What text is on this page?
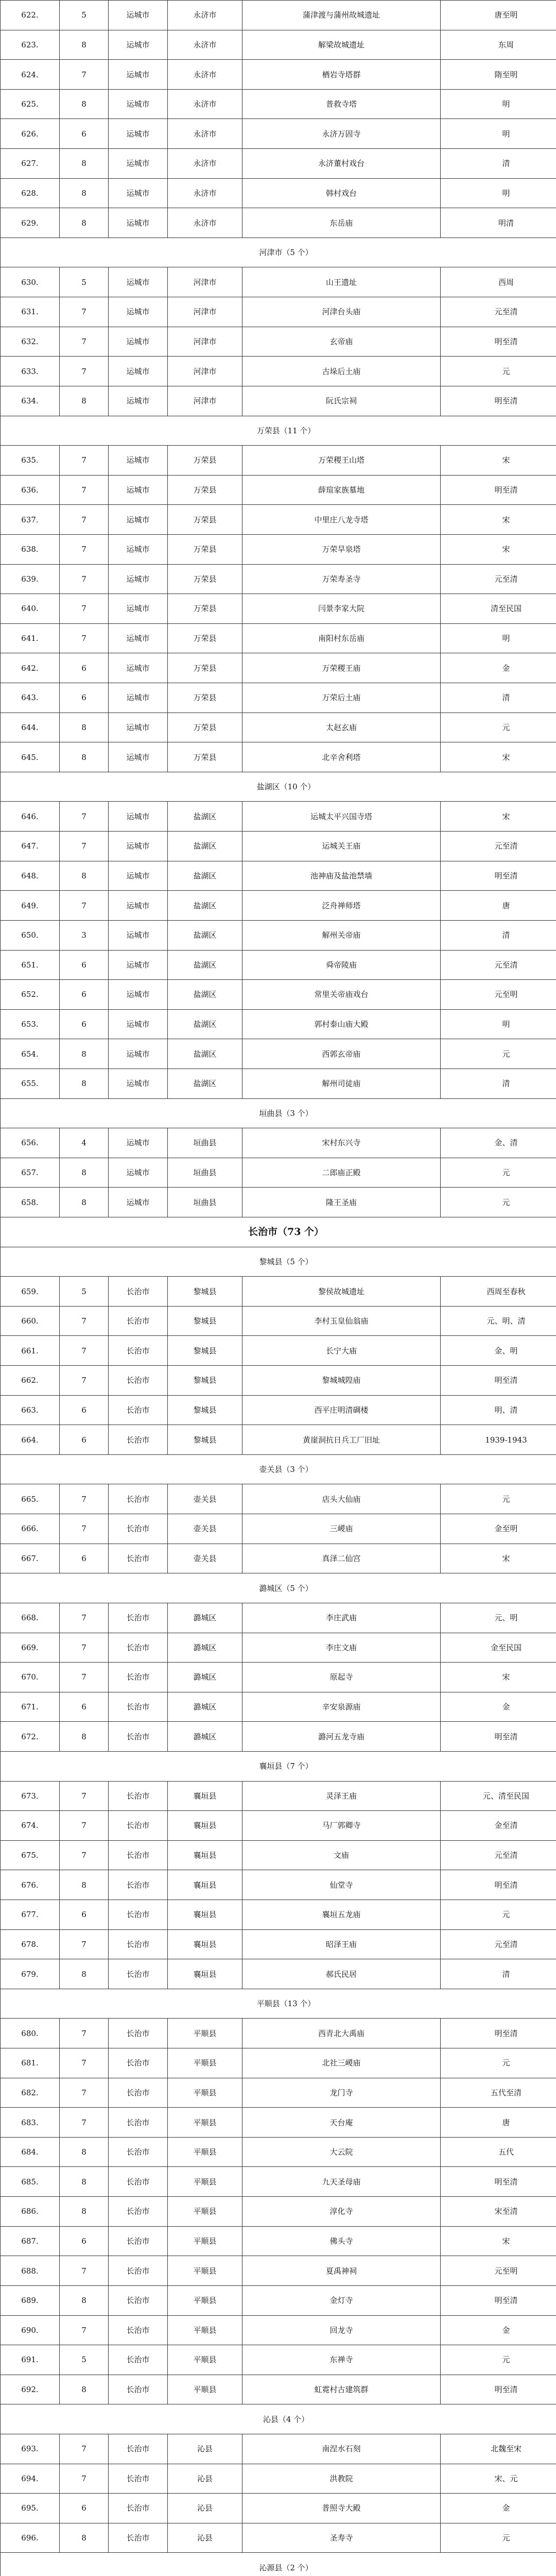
622.	5	运城市	永济市	蒲津渡与蒲州故城遗址	唐至明
623.	8	运城市	永济市	解梁故城遗址	东周
624.	7	运城市	永济市	栖岩寺塔群	隋至明
625.	8	运城市	永济市	普救寺塔	明
626.	6	运城市	永济市	永济万固寺	明
627.	8	运城市	永济市	永济董村戏台	清
628.	8	运城市	永济市	韩村戏台	明
629.	8	运城市	永济市	东岳庙	明清
河津市（5 个）					
630.	5	运城市	河津市	山王遗址	西周
631.	7	运城市	河津市	河津台头庙	元至清
632.	7	运城市	河津市	玄帝庙	明至清
633.	7	运城市	河津市	古垛后土庙	元
634.	8	运城市	河津市	阮氏宗祠	明至清
万荣县（11 个）					
635.	7	运城市	万荣县	万荣稷王山塔	宋
636.	7	运城市	万荣县	薛瑄家族墓地	明至清
637.	7	运城市	万荣县	中里庄八龙寺塔	宋
638.	7	运城市	万荣县	万荣旱泉塔	宋
639.	7	运城市	万荣县	万荣寿圣寺	元至清
640.	7	运城市	万荣县	闫景李家大院	清至民国
641.	7	运城市	万荣县	南阳村东岳庙	明
642.	6	运城市	万荣县	万荣稷王庙	金
643.	6	运城市	万荣县	万荣后土庙	清
644.	8	运城市	万荣县	太赵玄庙	元
645.	8	运城市	万荣县	北辛舍利塔	宋
盐湖区（10 个）					
646.	7	运城市	盐湖区	运城太平兴国寺塔	宋
647.	7	运城市	盐湖区	运城关王庙	元至清
648.	8	运城市	盐湖区	池神庙及盐池禁墙	明至清
649.	7	运城市	盐湖区	泛舟禅师塔	唐
650.	3	运城市	盐湖区	解州关帝庙	清
651.	6	运城市	盐湖区	舜帝陵庙	元至清
652.	6	运城市	盐湖区	常里关帝庙戏台	元至明
653.	6	运城市	盐湖区	郭村泰山庙大殿	明
654.	8	运城市	盐湖区	西郭玄帝庙	元
655.	8	运城市	盐湖区	解州司徒庙	清
垣曲县（3 个）					
656.	4	运城市	垣曲县	宋村东兴寺	金、清
657.	8	运城市	垣曲县	二郎庙正殿	元
658.	8	运城市	垣曲县	隆王圣庙	元
长治市（73 个）					
黎城县（5 个）					
659.	5	长治市	黎城县	黎侯故城遗址	西周至春秋
660.	7	长治市	黎城县	李村玉皇仙翁庙	元、明、清
661.	7	长治市	黎城县	长宁大庙	金、明
662.	7	长治市	黎城县	黎城城隍庙	明至清
663.	6	长治市	黎城县	西平庄明清碉楼	明、清
664.	6	长治市	黎城县	黄崖洞抗日兵工厂旧址	1939-1943
壶关县（3 个）					
665.	7	长治市	壶关县	店头大仙庙	元
666.	7	长治市	壶关县	三嵕庙	金至明
667.	6	长治市	壶关县	真泽二仙宫	宋
潞城区（5 个）					
668.	7	长治市	潞城区	李庄武庙	元、明
669.	7	长治市	潞城区	李庄文庙	金至民国
670.	7	长治市	潞城区	原起寺	宋
671.	6	长治市	潞城区	辛安泉源庙	金
672.	8	长治市	潞城区	潞河五龙寺庙	明至清
襄垣县（7 个）					
673.	7	长治市	襄垣县	灵泽王庙	元、清至民国
674.	7	长治市	襄垣县	马厂郭卿寺	金至清
675.	7	长治市	襄垣县	文庙	元至清
676.	8	长治市	襄垣县	仙堂寺	明至清
677.	6	长治市	襄垣县	襄垣五龙庙	元
678.	7	长治市	襄垣县	昭泽王庙	元至清
679.	8	长治市	襄垣县	郝氏民居	清
平顺县（13 个）					
680.	7	长治市	平顺县	西青北大禹庙	明至清
681.	7	长治市	平顺县	北社三嵕庙	元
682.	7	长治市	平顺县	龙门寺	五代至清
683.	7	长治市	平顺县	天台庵	唐
684.	8	长治市	平顺县	大云院	五代
685.	8	长治市	平顺县	九天圣母庙	明至清
686.	8	长治市	平顺县	淳化寺	宋至清
687.	6	长治市	平顺县	佛头寺	宋
688.	7	长治市	平顺县	夏禹神祠	元至明
689.	8	长治市	平顺县	金灯寺	明至清
690.	7	长治市	平顺县	回龙寺	金
691.	5	长治市	平顺县	东禅寺	元
692.	8	长治市	平顺县	虹霓村古建筑群	明至清
沁县（4 个）					
693.	7	长治市	沁县	南涅水石刻	北魏至宋
694.	7	长治市	沁县	洪教院	宋、元
695.	6	长治市	沁县	普照寺大殿	金
696.	8	长治市	沁县	圣寿寺	元
沁源县（2 个）					
